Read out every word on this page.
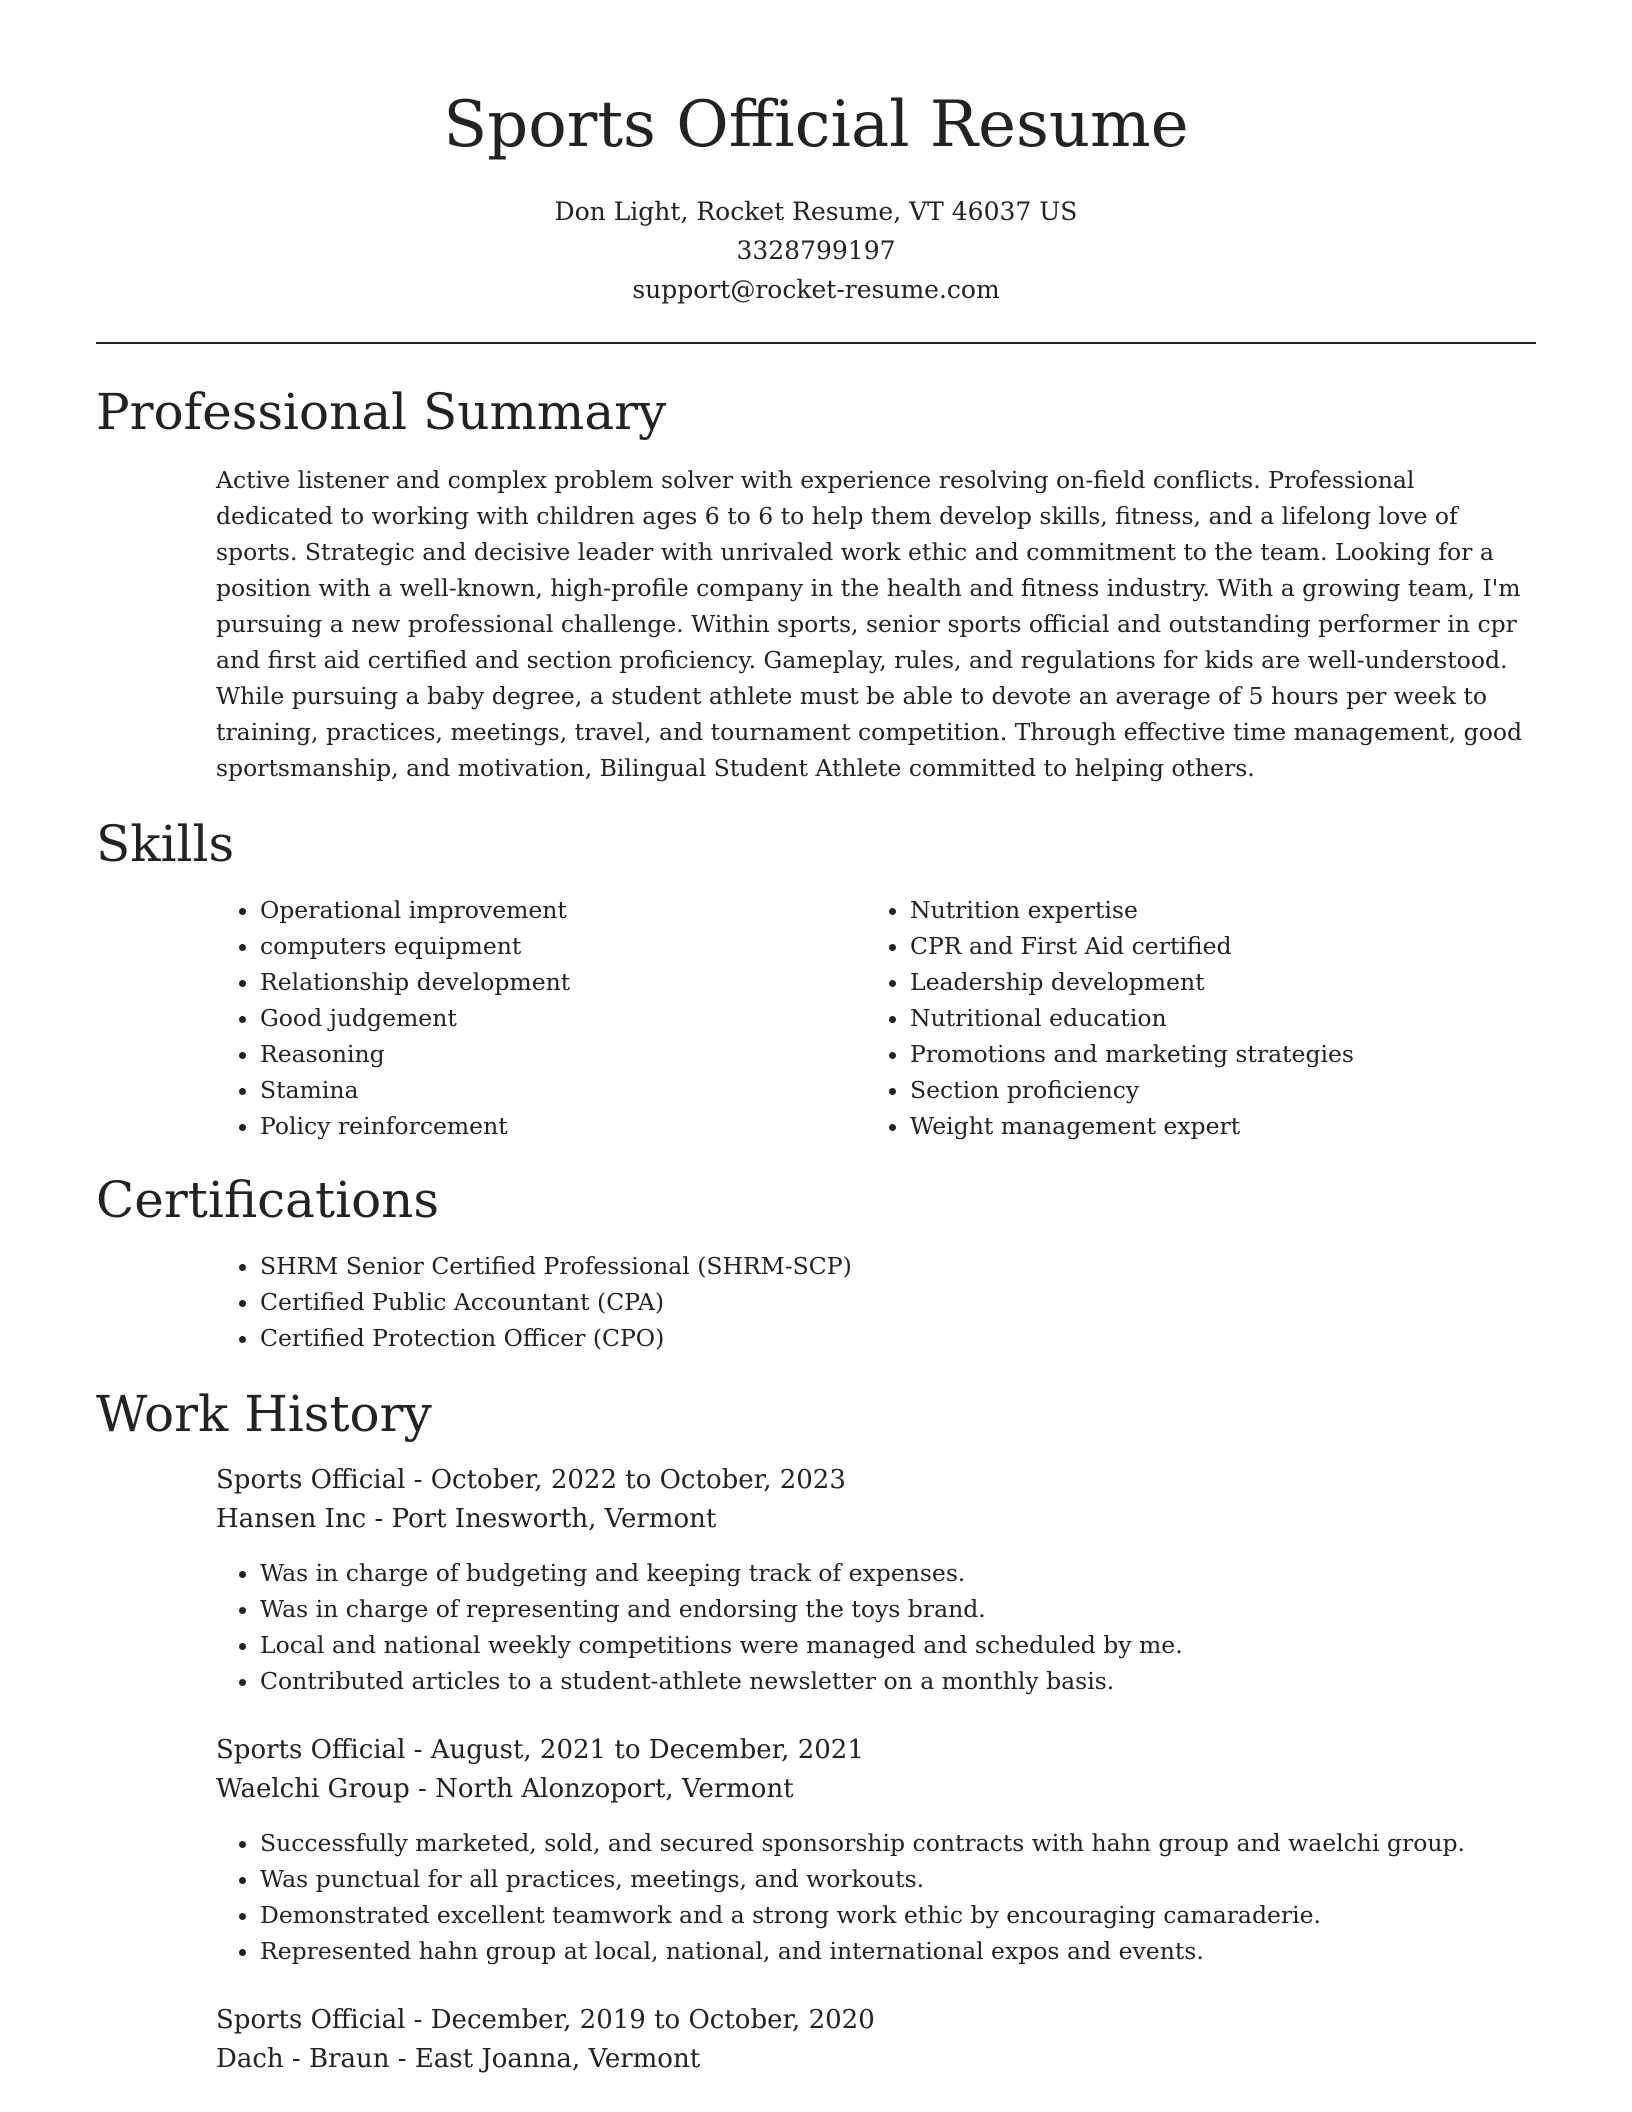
Sports Official Resume
Don Light, Rocket Resume, VT 46037 US
3328799197
support@rocket-resume.com
Professional Summary

Active listener and complex problem solver with experience resolving on-field conflicts. Professional dedicated to working with children ages 6 to 6 to help them develop skills, fitness, and a lifelong love of sports. Strategic and decisive leader with unrivaled work ethic and commitment to the team. Looking for a position with a well-known, high-profile company in the health and fitness industry. With a growing team, I'm pursuing a new professional challenge. Within sports, senior sports official and outstanding performer in cpr and first aid certified and section proficiency. Gameplay, rules, and regulations for kids are well-understood. While pursuing a baby degree, a student athlete must be able to devote an average of 5 hours per week to training, practices, meetings, travel, and tournament competition. Through effective time management, good sportsmanship, and motivation, Bilingual Student Athlete committed to helping others.

Skills
• Operational improvement
• computers equipment
• Relationship development
• Good judgement
• Reasoning
• Stamina
• Policy reinforcement
• Nutrition expertise
• CPR and First Aid certified
• Leadership development
• Nutritional education
• Promotions and marketing strategies
• Section proficiency
• Weight management expert
Certifications
• SHRM Senior Certified Professional (SHRM-SCP)
• Certified Public Accountant (CPA)
• Certified Protection Officer (CPO)
Work History
Sports Official - October, 2022 to October, 2023
Hansen Inc - Port Inesworth, Vermont
• Was in charge of budgeting and keeping track of expenses.
• Was in charge of representing and endorsing the toys brand.
• Local and national weekly competitions were managed and scheduled by me.
• Contributed articles to a student-athlete newsletter on a monthly basis.
Sports Official - August, 2021 to December, 2021
Waelchi Group - North Alonzoport, Vermont
• Successfully marketed, sold, and secured sponsorship contracts with hahn group and waelchi group.
• Was punctual for all practices, meetings, and workouts.
• Demonstrated excellent teamwork and a strong work ethic by encouraging camaraderie.
• Represented hahn group at local, national, and international expos and events.
Sports Official - December, 2019 to October, 2020
Dach - Braun - East Joanna, Vermont
